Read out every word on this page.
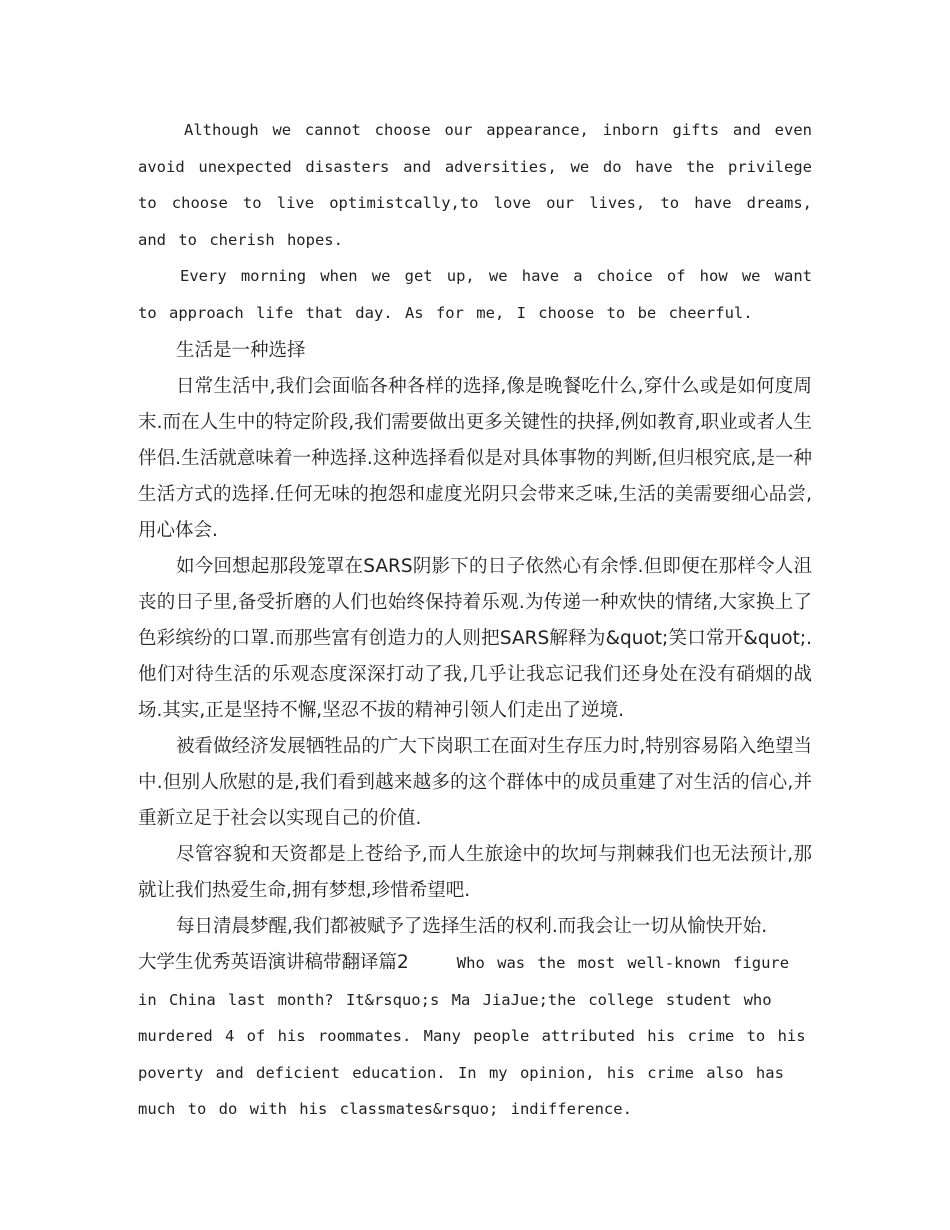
Although we cannot choose our appearance, inborn gifts and even avoid unexpected disasters and adversities, we do have the privilege to choose to live optimistcally,to love our lives, to have dreams, and to cherish hopes.

Every morning when we get up, we have a choice of how we want to approach life that day. As for me, I choose to be cheerful.

生活是一种选择

日常生活中,我们会面临各种各样的选择,像是晚餐吃什么,穿什么或是如何度周末.而在人生中的特定阶段,我们需要做出更多关键性的抉择,例如教育,职业或者人生伴侣.生活就意味着一种选择.这种选择看似是对具体事物的判断,但归根究底,是一种生活方式的选择.任何无味的抱怨和虚度光阴只会带来乏味,生活的美需要细心品尝,用心体会.

如今回想起那段笼罩在SARS阴影下的日子依然心有余悸.但即便在那样令人沮丧的日子里,备受折磨的人们也始终保持着乐观.为传递一种欢快的情绪,大家换上了色彩缤纷的口罩.而那些富有创造力的人则把SARS解释为&quot;笑口常开&quot;.他们对待生活的乐观态度深深打动了我,几乎让我忘记我们还身处在没有硝烟的战场.其实,正是坚持不懈,坚忍不拔的精神引领人们走出了逆境.

被看做经济发展牺牲品的广大下岗职工在面对生存压力时,特别容易陷入绝望当中.但别人欣慰的是,我们看到越来越多的这个群体中的成员重建了对生活的信心,并重新立足于社会以实现自己的价值.

尽管容貌和天资都是上苍给予,而人生旅途中的坎坷与荆棘我们也无法预计,那就让我们热爱生命,拥有梦想,珍惜希望吧.

每日清晨梦醒,我们都被赋予了选择生活的权利.而我会让一切从愉快开始.

大学生优秀英语演讲稿带翻译篇2	Who was the most well-known figure in China last month? It&rsquo;s Ma JiaJue;the college student who murdered 4 of his roommates. Many people attributed his crime to his poverty and deficient education. In my opinion, his crime also has much to do with his classmates&rsquo; indifference.
